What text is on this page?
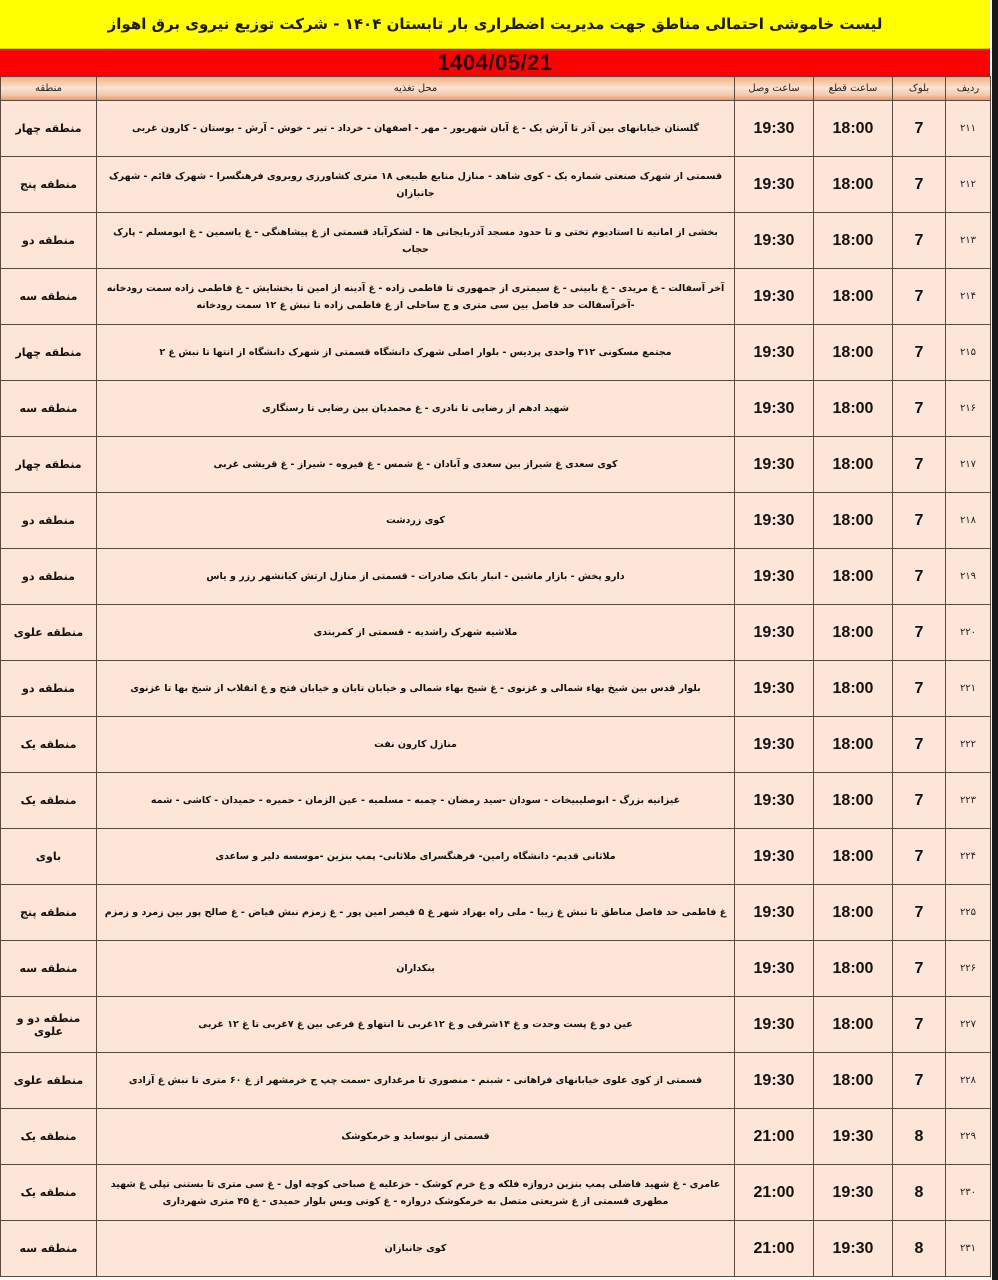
لیست خاموشی احتمالی مناطق جهت مدیریت اضطراری بار تابستان ۱۴۰۴ - شرکت توزیع نیروی برق اهواز
1404/05/21
ردیف	بلوک	ساعت قطع	ساعت وصل	محل تغذیه	منطقه
۲۱۱	7	18:00	19:30	گلستان خیابانهای بین آذر تا آرش یک - غ آبان شهریور - مهر - اصفهان - خرداد - تیر - خوش - آرش - بوستان - کارون غربی	منطقه چهار
۲۱۲	7	18:00	19:30	قسمتی از شهرک صنعتی شماره یک - کوی شاهد - منازل منابع طبیعی ۱۸ متری کشاورزی روبروی فرهنگسرا - شهرک قائم - شهرک جانبازان	منطقه پنج
۲۱۳	7	18:00	19:30	بخشی از امانیه تا استادیوم تختی و تا حدود مسجد آذربایجانی ها - لشکرآباد قسمتی از غ پیشاهنگی - غ یاسمین - غ ابومسلم - پارک حجاب	منطقه دو
۲۱۴	7	18:00	19:30	آخر آسفالت - غ مریدی - غ بابینی - غ سیمتری از جمهوری تا فاطمی زاده - غ آدینه از امین تا بخشایش - غ فاطمی زاده سمت رودخانه -آخرآسفالت حد فاصل بین سی متری و ج ساحلی از غ فاطمی زاده تا نبش غ ۱۲ سمت رودخانه	منطقه سه
۲۱۵	7	18:00	19:30	مجتمع مسکونی ۳۱۲ واحدی پردیس - بلوار اصلی شهرک دانشگاه قسمتی از شهرک دانشگاه از انتها تا نبش غ ۲	منطقه چهار
۲۱۶	7	18:00	19:30	شهید ادهم از رضایی تا نادری - غ محمدیان بین رضایی تا رستگاری	منطقه سه
۲۱۷	7	18:00	19:30	کوی سعدی غ شیراز بین سعدی و آبادان - غ شمس - غ فیروه - شیراز - غ قریشی غربی	منطقه چهار
۲۱۸	7	18:00	19:30	کوی زردشت	منطقه دو
۲۱۹	7	18:00	19:30	دارو پخش - بازار ماشین - انبار بانک صادرات - قسمتی از منازل ارتش کیانشهر رزر و یاس	منطقه دو
۲۲۰	7	18:00	19:30	ملاشیه شهرک راشدیه - قسمتی از کمربندی	منطقه علوی
۲۲۱	7	18:00	19:30	بلوار قدس بین شیخ بهاء شمالی و غزنوی - غ شیخ بهاء شمالی و خیابان تابان و خیابان فتح و غ انقلاب از شیخ بها تا غزنوی	منطقه دو
۲۲۲	7	18:00	19:30	منازل کارون نفت	منطقه یک
۲۲۳	7	18:00	19:30	غیزانیه بزرگ - ابوصلیبیخات - سودان -سید رمضان - چمبه - مسلمیه - عین الزمان - حمیره - حمیدان - کاشی - شمه	منطقه یک
۲۲۴	7	18:00	19:30	ملاثانی قدیم- دانشگاه رامین- فرهنگسرای ملاثانی- پمپ بنزین -موسسه دلیر و ساعدی	باوی
۲۲۵	7	18:00	19:30	غ فاطمی حد فاصل مناطق تا نبش غ زیبا - ملی راه بهزاد شهر غ ۵ قیصر امین پور - غ زمزم نبش فیاض - غ صالح پور بین زمرد و زمزم	منطقه پنج
۲۲۶	7	18:00	19:30	بنکداران	منطقه سه
۲۲۷	7	18:00	19:30	عین دو غ پست وحدت و غ ۱۴شرقی و غ ۱۲غربی تا انتهاو غ فرعی بین غ ۷غربی تا غ ۱۲ غربی	منطقه دو و علوی
۲۲۸	7	18:00	19:30	قسمتی از کوی علوی خیابانهای فراهانی - شبنم - منصوری تا مرغداری -سمت چپ ج خرمشهر از غ ۶۰ متری تا نبش غ آزادی	منطقه علوی
۲۲۹	8	19:30	21:00	قسمتی از نیوساید و خرمکوشک	منطقه یک
۲۳۰	8	19:30	21:00	عامری - غ شهید فاضلی پمپ بنزین دروازه فلکه و غ خرم کوشک - خزعلیه غ صباحی کوچه اول - غ سی متری تا بستنی تپلی غ شهید مطهری قسمتی از غ شریعتی متصل به خرمکوشک دروازه - غ کوتی ویس بلوار حمیدی - غ ۴۵ متری شهرداری	منطقه یک
۲۳۱	8	19:30	21:00	کوی جانبازان	منطقه سه
